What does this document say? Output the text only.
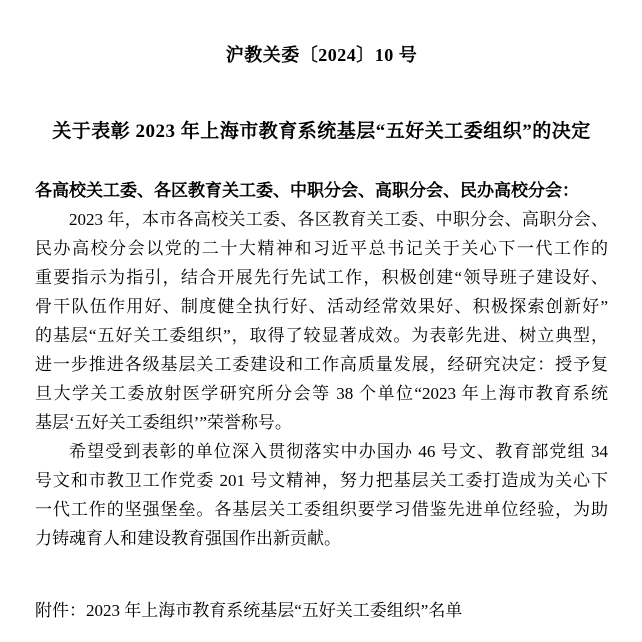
沪教关委〔2024〕10 号
关于表彰 2023 年上海市教育系统基层“五好关工委组织”的决定
各高校关工委、各区教育关工委、中职分会、高职分会、民办高校分会：
2023 年，本市各高校关工委、各区教育关工委、中职分会、高职分会、
民办高校分会以党的二十大精神和习近平总书记关于关心下一代工作的
重要指示为指引，结合开展先行先试工作，积极创建“领导班子建设好、
骨干队伍作用好、制度健全执行好、活动经常效果好、积极探索创新好”
的基层“五好关工委组织”，取得了较显著成效。为表彰先进、树立典型，
进一步推进各级基层关工委建设和工作高质量发展，经研究决定：授予复
旦大学关工委放射医学研究所分会等 38 个单位“2023 年上海市教育系统
基层‘五好关工委组织’”荣誉称号。
希望受到表彰的单位深入贯彻落实中办国办 46 号文、教育部党组 34
号文和市教卫工作党委 201 号文精神，努力把基层关工委打造成为关心下
一代工作的坚强堡垒。各基层关工委组织要学习借鉴先进单位经验，为助
力铸魂育人和建设教育强国作出新贡献。
附件：2023 年上海市教育系统基层“五好关工委组织”名单
